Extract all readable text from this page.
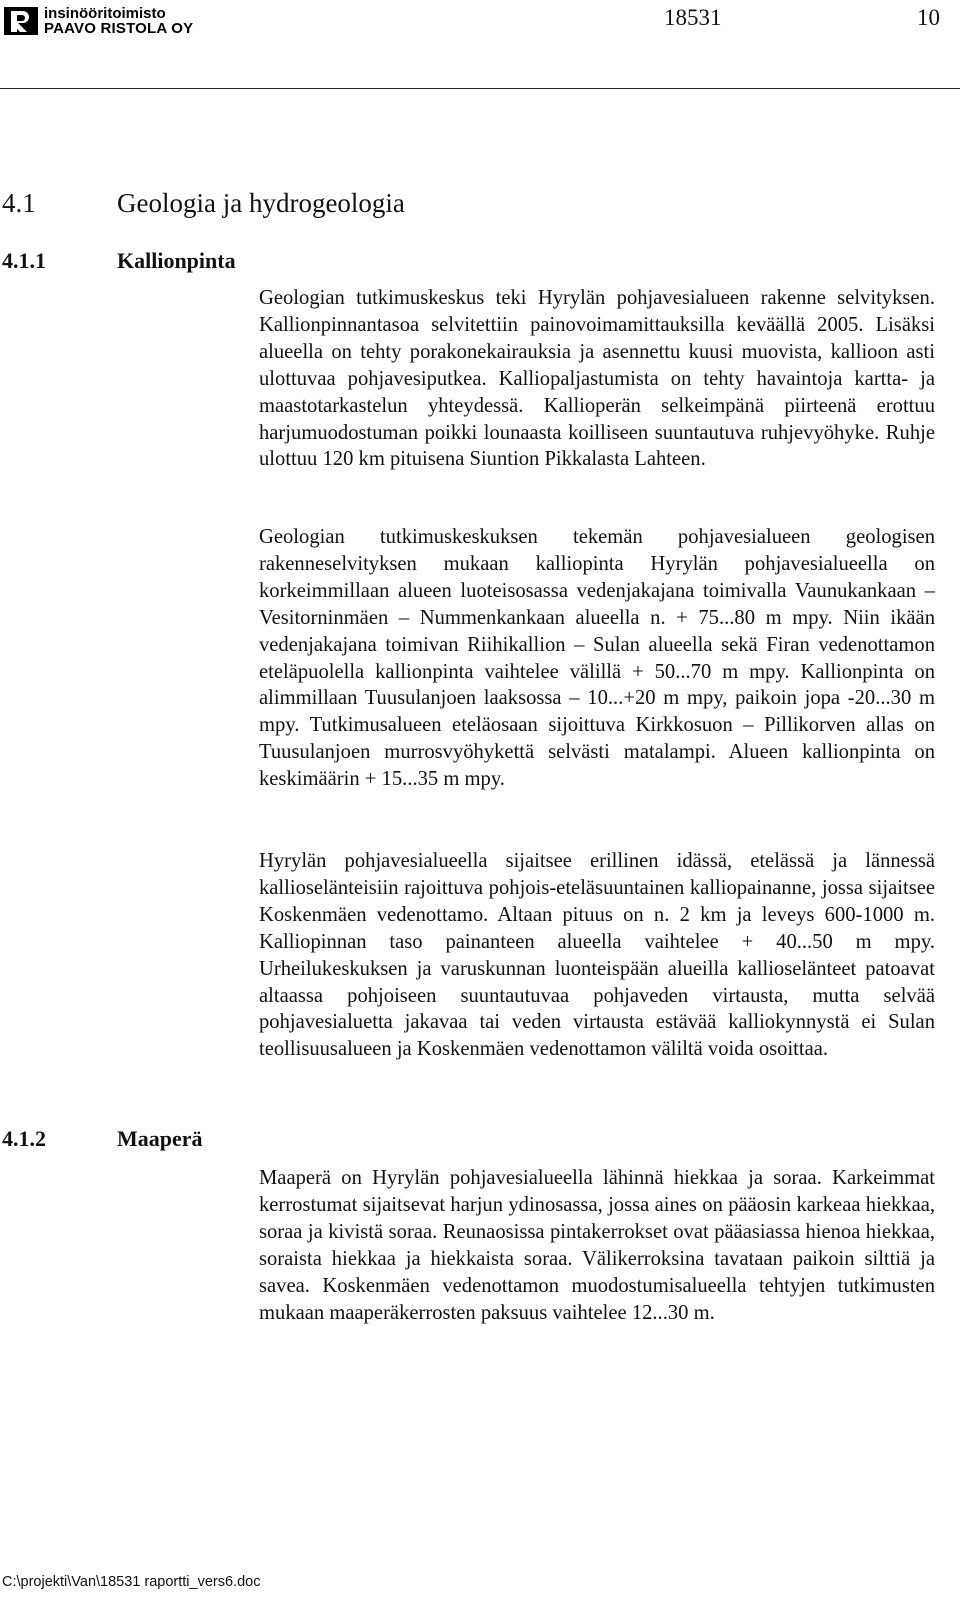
insinööritoimisto
PAAVO RISTOLA OY	18531	10
4.1	Geologia ja hydrogeologia
4.1.1	Kallionpinta

Geologian tutkimuskeskus teki Hyrylän pohjavesialueen rakenne selvityksen. Kallionpinnantasoa selvitettiin painovoimamittauksilla keväällä 2005. Lisäksi alueella on tehty porakonekairauksia ja asennettu kuusi muovista, kallioon asti ulottuvaa pohjavesiputkea. Kalliopaljastumista on tehty havaintoja kartta- ja maastotarkastelun yhteydessä. Kallioperän selkeimpänä piirteenä erottuu harjumuodostuman poikki lounaasta koilliseen suuntautuva ruhjevyöhyke. Ruhje ulottuu 120 km pituisena Siuntion Pikkalasta Lahteen.

Geologian tutkimuskeskuksen tekemän pohjavesialueen geologisen rakenneselvityksen mukaan kalliopinta Hyrylän pohjavesialueella on korkeimmillaan alueen luoteisosassa vedenjakajana toimivalla Vaunukankaan – Vesitorninmäen – Nummenkankaan alueella n. + 75...80 m mpy. Niin ikään vedenjakajana toimivan Riihikallion – Sulan alueella sekä Firan vedenottamon eteläpuolella kallionpinta vaihtelee välillä + 50...70 m mpy. Kallionpinta on alimmillaan Tuusulanjoen laaksossa – 10...+20 m mpy, paikoin jopa -20...30 m mpy. Tutkimusalueen eteläosaan sijoittuva Kirkkosuon – Pillikorven allas on Tuusulanjoen murrosvyöhykettä selvästi matalampi. Alueen kallionpinta on keskimäärin + 15...35 m mpy.

Hyrylän pohjavesialueella sijaitsee erillinen idässä, etelässä ja lännessä kallioselänteisiin rajoittuva pohjois-eteläsuuntainen kalliopainanne, jossa sijaitsee Koskenmäen vedenottamo. Altaan pituus on n. 2 km ja leveys 600-1000 m. Kalliopinnan taso painanteen alueella vaihtelee + 40...50 m mpy. Urheilukeskuksen ja varuskunnan luonteispään alueilla kallioselänteet patoavat altaassa pohjoiseen suuntautuvaa pohjaveden virtausta, mutta selvää pohjavesialuetta jakavaa tai veden virtausta estävää kalliokynnystä ei Sulan teollisuusalueen ja Koskenmäen vedenottamon väliltä voida osoittaa.

4.1.2	Maaperä

Maaperä on Hyrylän pohjavesialueella lähinnä hiekkaa ja soraa. Karkeimmat kerrostumat sijaitsevat harjun ydinosassa, jossa aines on pääosin karkeaa hiekkaa, soraa ja kivistä soraa. Reunaosissa pintakerrokset ovat pääasiassa hienoa hiekkaa, soraista hiekkaa ja hiekkaista soraa. Välikerroksina tavataan paikoin silttiä ja savea. Koskenmäen vedenottamon muodostumisalueella tehtyjen tutkimusten mukaan maaperäkerrosten paksuus vaihtelee 12...30 m.

C:\projekti\Van\18531 raportti_vers6.doc
